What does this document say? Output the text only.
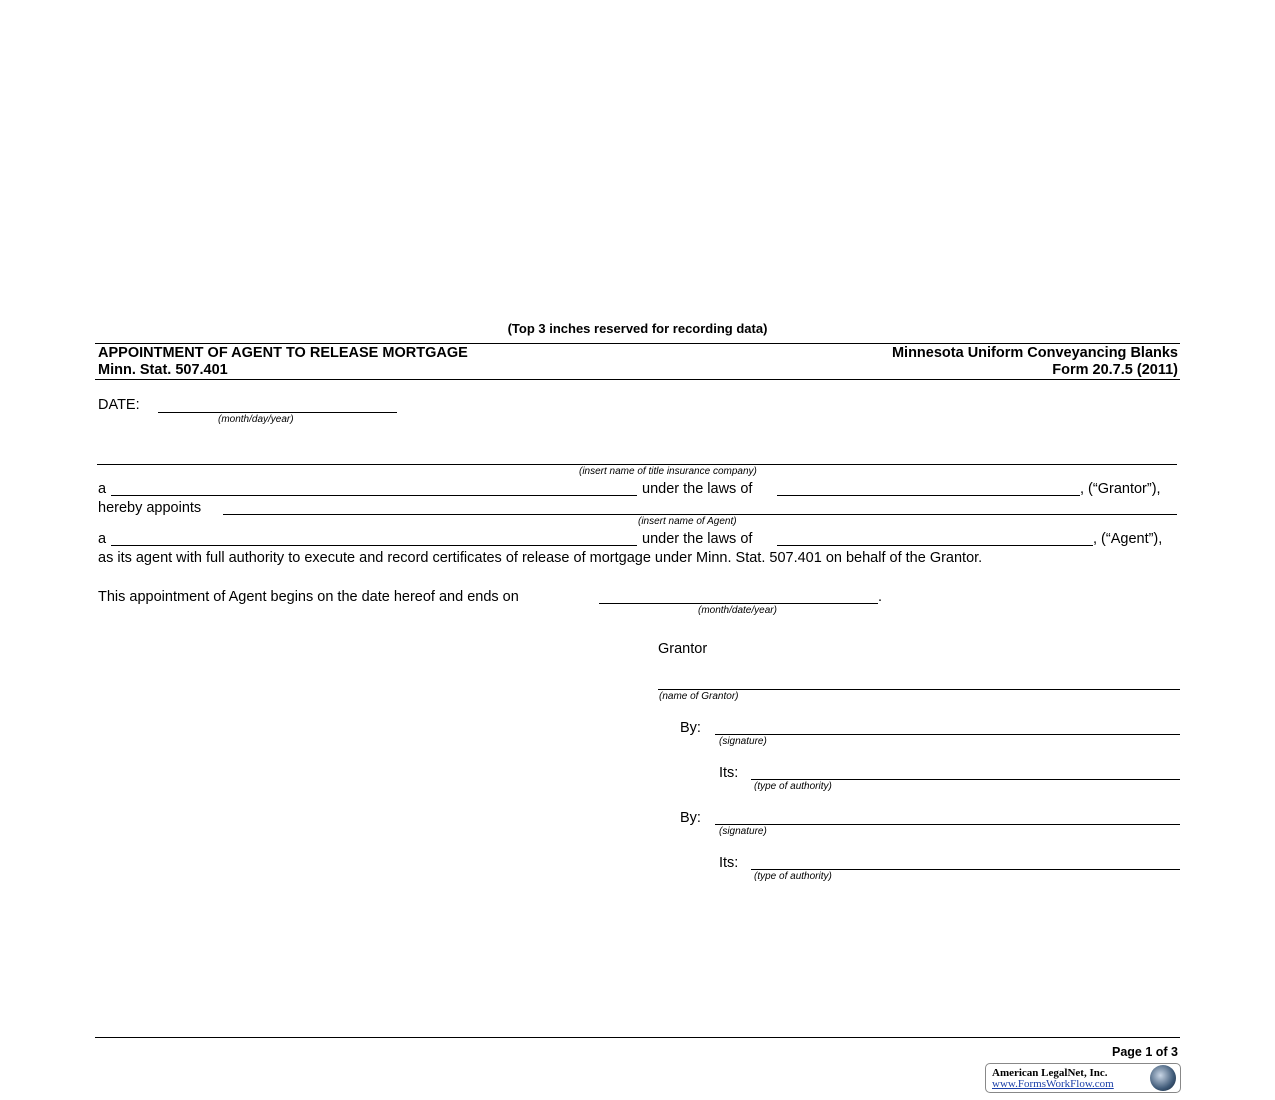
(Top 3 inches reserved for recording data)
APPOINTMENT OF AGENT TO RELEASE MORTGAGE
Minn. Stat. 507.401
Minnesota Uniform Conveyancing Blanks
Form 20.7.5 (2011)
DATE:
(month/day/year)
(insert name of title insurance company)
a	under the laws of	, (“Grantor”),
hereby appoints
(insert name of Agent)
a	under the laws of	, (“Agent”),
as its agent with full authority to execute and record certificates of release of mortgage under Minn. Stat. 507.401 on behalf of the Grantor.
This appointment of Agent begins on the date hereof and ends on	.
(month/date/year)
Grantor
(name of Grantor)
By:
(signature)
Its:
(type of authority)
By:
(signature)
Its:
(type of authority)
Page 1 of 3
American LegalNet, Inc.
www.FormsWorkFlow.com
